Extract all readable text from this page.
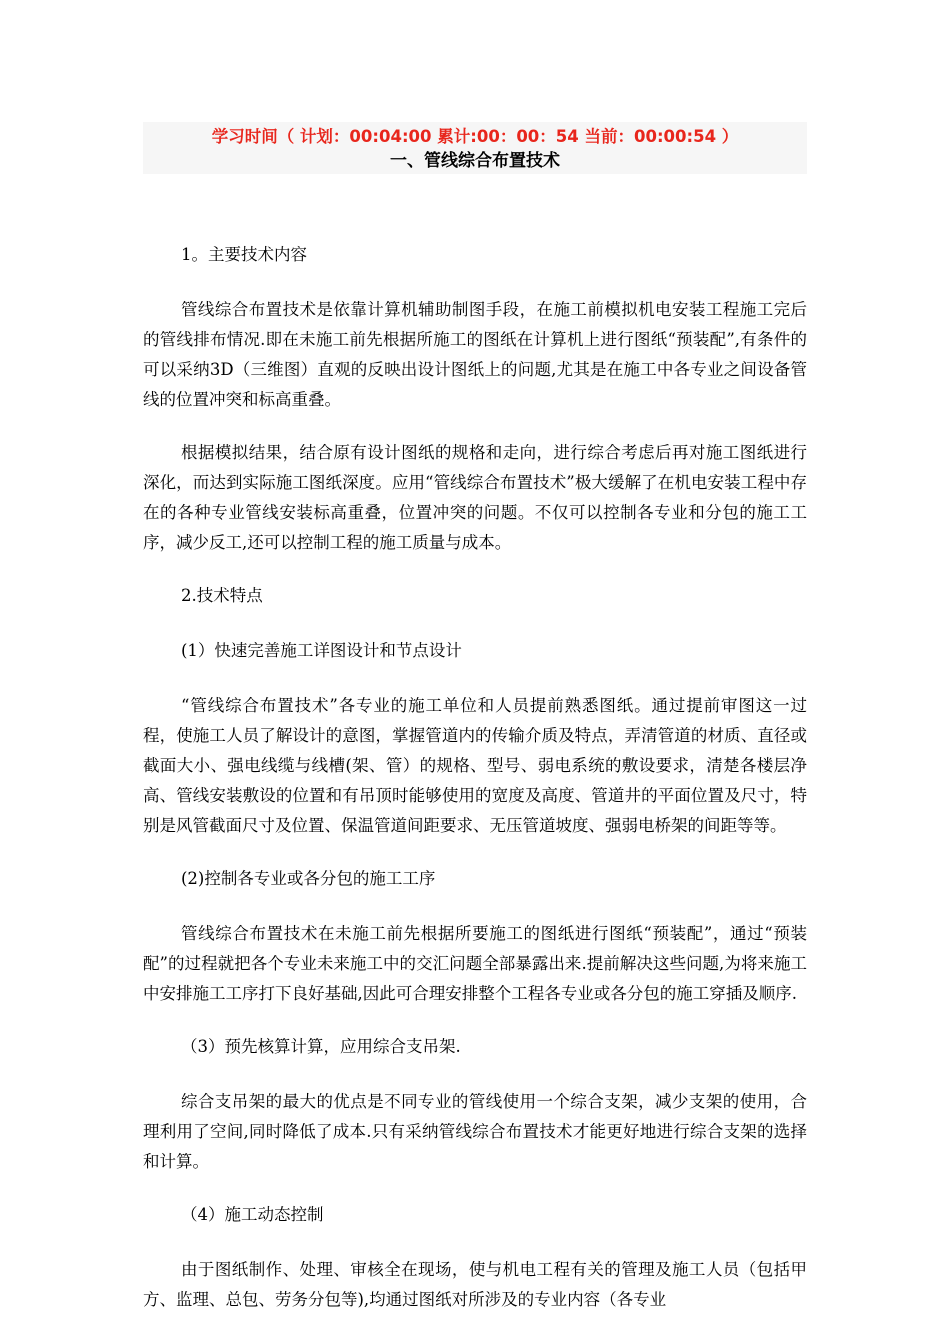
学习时间（ 计划：00:04:00 累计:00：00：54 当前：00:00:54 ）
一、管线综合布置技术
1。主要技术内容

管线综合布置技术是依靠计算机辅助制图手段，在施工前模拟机电安装工程施工完后的管线排布情况.即在未施工前先根据所施工的图纸在计算机上进行图纸“预装配”,有条件的可以采纳3D（三维图）直观的反映出设计图纸上的问题,尤其是在施工中各专业之间设备管线的位置冲突和标高重叠。

根据模拟结果，结合原有设计图纸的规格和走向，进行综合考虑后再对施工图纸进行深化，而达到实际施工图纸深度。应用“管线综合布置技术”极大缓解了在机电安装工程中存在的各种专业管线安装标高重叠，位置冲突的问题。不仅可以控制各专业和分包的施工工序，减少反工,还可以控制工程的施工质量与成本。

2.技术特点
(1）快速完善施工详图设计和节点设计

“管线综合布置技术”各专业的施工单位和人员提前熟悉图纸。通过提前审图这一过程，使施工人员了解设计的意图，掌握管道内的传输介质及特点，弄清管道的材质、直径或截面大小、强电线缆与线槽(架、管）的规格、型号、弱电系统的敷设要求，清楚各楼层净高、管线安装敷设的位置和有吊顶时能够使用的宽度及高度、管道井的平面位置及尺寸，特别是风管截面尺寸及位置、保温管道间距要求、无压管道坡度、强弱电桥架的间距等等。

(2)控制各专业或各分包的施工工序

管线综合布置技术在未施工前先根据所要施工的图纸进行图纸“预装配”，通过“预装配”的过程就把各个专业未来施工中的交汇问题全部暴露出来.提前解决这些问题,为将来施工中安排施工工序打下良好基础,因此可合理安排整个工程各专业或各分包的施工穿插及顺序.

（3）预先核算计算，应用综合支吊架.

综合支吊架的最大的优点是不同专业的管线使用一个综合支架，减少支架的使用，合理利用了空间,同时降低了成本.只有采纳管线综合布置技术才能更好地进行综合支架的选择和计算。

（4）施工动态控制

由于图纸制作、处理、审核全在现场，使与机电工程有关的管理及施工人员（包括甲方、监理、总包、劳务分包等),均通过图纸对所涉及的专业内容（各专业
